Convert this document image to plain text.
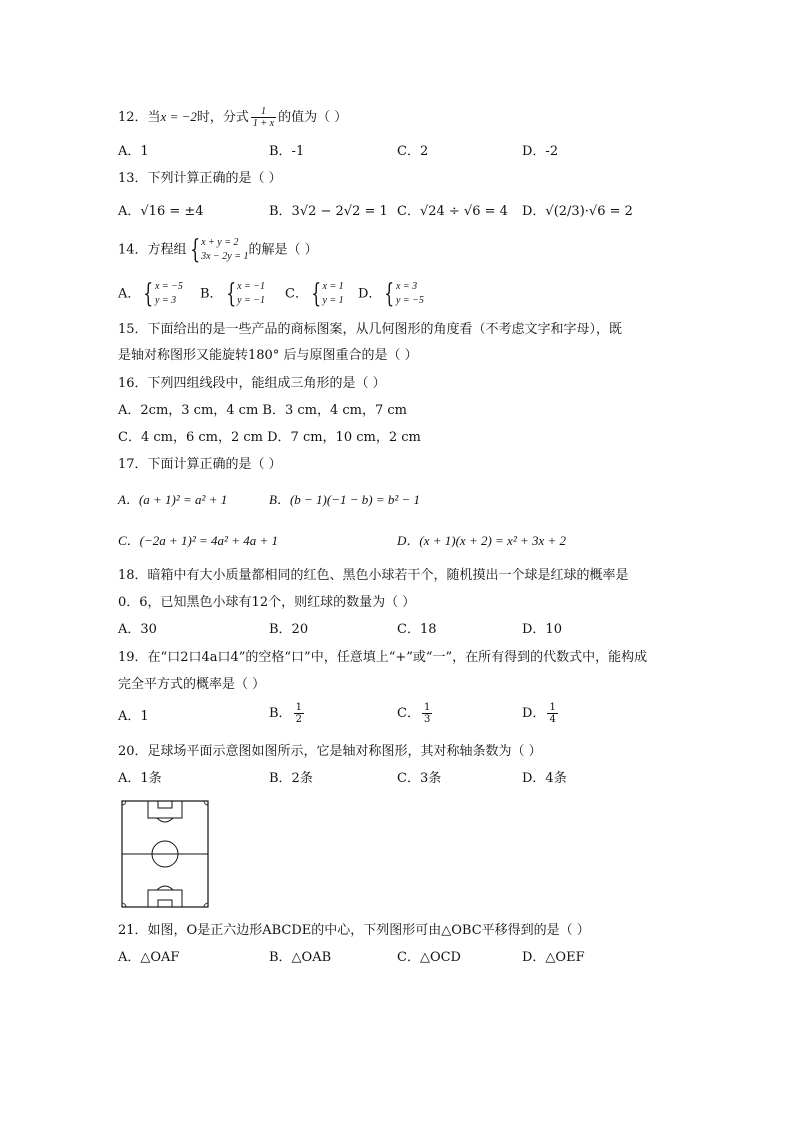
12．当x = −2时，分式 $\frac{1}{1 + x}$ 的值为（ ）
A．1	B．-1	C．2	D．-2
13．下列计算正确的是（ ）
A．√16 = ±4	B．3√2 − 2√2 = 1 C．√24 ÷ √6 = 4 D．√(2/3)·√6 = 2
14．方程组 { x + y = 2
3x − 2y = 1 的解是（ ）
A． { x = −5
y = 3	B． { x = −1
y = −1 C． { x = 1
y = 1 D． { x = 3
y = −5
15．下面给出的是一些产品的商标图案，从几何图形的角度看（不考虑文字和字母），既
是轴对称图形又能旋转180° 后与原图重合的是（ ）
16．下列四组线段中，能组成三角形的是（ ）
A．2cm，3 cm，4 cm B．3 cm，4 cm，7 cm
C．4 cm，6 cm，2 cm D．7 cm，10 cm，2 cm
17．下面计算正确的是（ ）
A．(a + 1)² = a² + 1	B．(b − 1)(−1 − b) = b² − 1
C．(−2a + 1)² = 4a² + 4a + 1	D．(x + 1)(x + 2) = x² + 3x + 2
18．暗箱中有大小质量都相同的红色、黑色小球若干个，随机摸出一个球是红球的概率是
0．6，已知黑色小球有12个，则红球的数量为（ ）
A．30	B．20	C．18	D．10
19．在“口2口4a口4”的空格“口”中，任意填上“+”或“一”，在所有得到的代数式中，能构成
完全平方式的概率是（ ）
A．1	B． $\frac{1}{2}$	C． $\frac{1}{3}$	D． $\frac{1}{4}$
20．足球场平面示意图如图所示，它是轴对称图形，其对称轴条数为（ ）
A．1条	B．2条	C．3条	D．4条
21．如图，O是正六边形ABCDE的中心，下列图形可由△OBC平移得到的是（ ）
A．△OAF	B．△OAB	C．△OCD	D．△OEF
